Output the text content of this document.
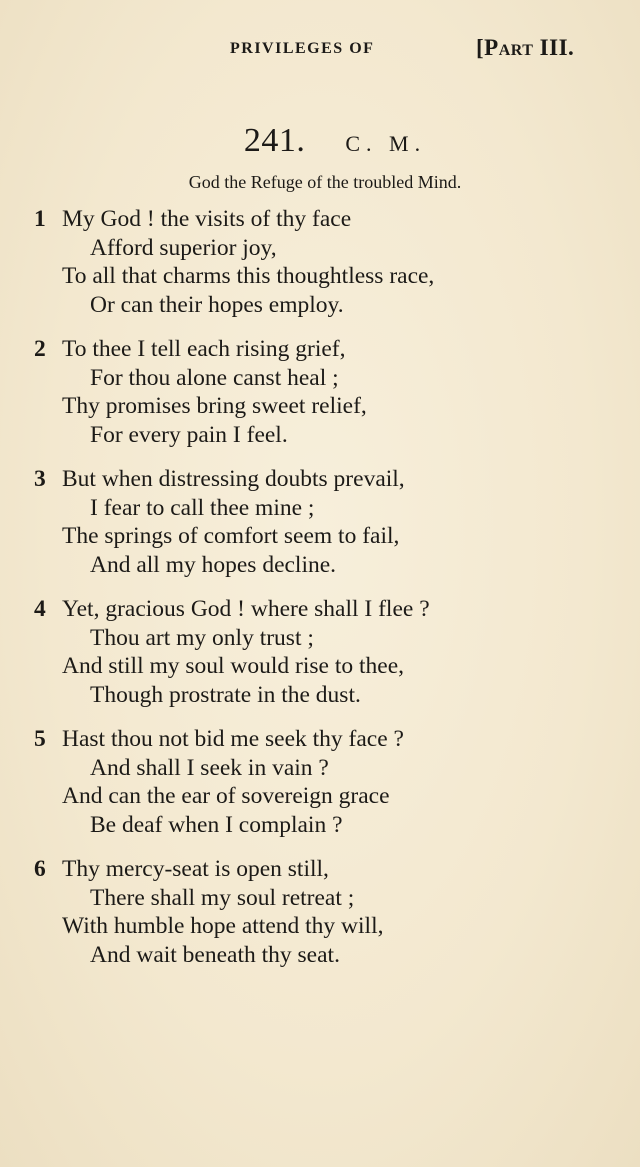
PRIVILEGES OF	[Part III.
241. C. M.
God the Refuge of the troubled Mind.
1 My God ! the visits of thy face
Afford superior joy,
To all that charms this thoughtless race,
Or can their hopes employ.
2 To thee I tell each rising grief,
For thou alone canst heal ;
Thy promises bring sweet relief,
For every pain I feel.
3 But when distressing doubts prevail,
I fear to call thee mine ;
The springs of comfort seem to fail,
And all my hopes decline.
4 Yet, gracious God ! where shall I flee ?
Thou art my only trust ;
And still my soul would rise to thee,
Though prostrate in the dust.
5 Hast thou not bid me seek thy face ?
And shall I seek in vain ?
And can the ear of sovereign grace
Be deaf when I complain ?
6 Thy mercy-seat is open still,
There shall my soul retreat ;
With humble hope attend thy will,
And wait beneath thy seat.
